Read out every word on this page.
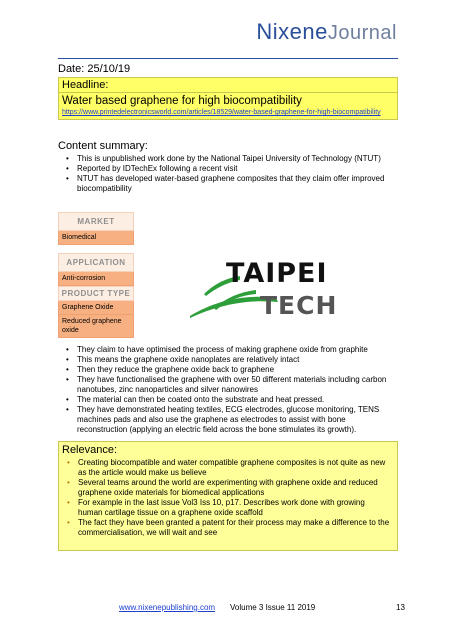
NixeneJournal
Date: 25/10/19
Headline:
Water based graphene for high biocompatibility
https://www.printedelectronicsworld.com/articles/18529/water-based-graphene-for-high-biocompatibility
Content summary:
• This is unpublished work done by the National Taipei University of Technology (NTUT)
• Reported by IDTechEx following a recent visit
• NTUT has developed water-based graphene composites that they claim offer improved biocompatibility
MARKET
Biomedical
APPLICATION
Anti-corrosion
PRODUCT TYPE
Graphene Oxide
Reduced graphene oxide
TAIPEI
TECH
• They claim to have optimised the process of making graphene oxide from graphite
• This means the graphene oxide nanoplates are relatively intact
• Then they reduce the graphene oxide back to graphene
• They have functionalised the graphene with over 50 different materials including carbon nanotubes, zinc nanoparticles and silver nanowires
• The material can then be coated onto the substrate and heat pressed.
• They have demonstrated heating textiles, ECG electrodes, glucose monitoring, TENS machines pads and also use the graphene as electrodes to assist with bone reconstruction (applying an electric field across the bone stimulates its growth).
Relevance:
• Creating biocompatible and water compatible graphene composites is not quite as new as the article would make us believe
• Several teams around the world are experimenting with graphene oxide and reduced graphene oxide materials for biomedical applications
• For example in the last issue Vol3 Iss 10, p17. Describes work done with growing human cartilage tissue on a graphene oxide scaffold
• The fact they have been granted a patent for their process may make a difference to the commercialisation, we will wait and see
www.nixenepublishing.com Volume 3 Issue 11 2019	13
